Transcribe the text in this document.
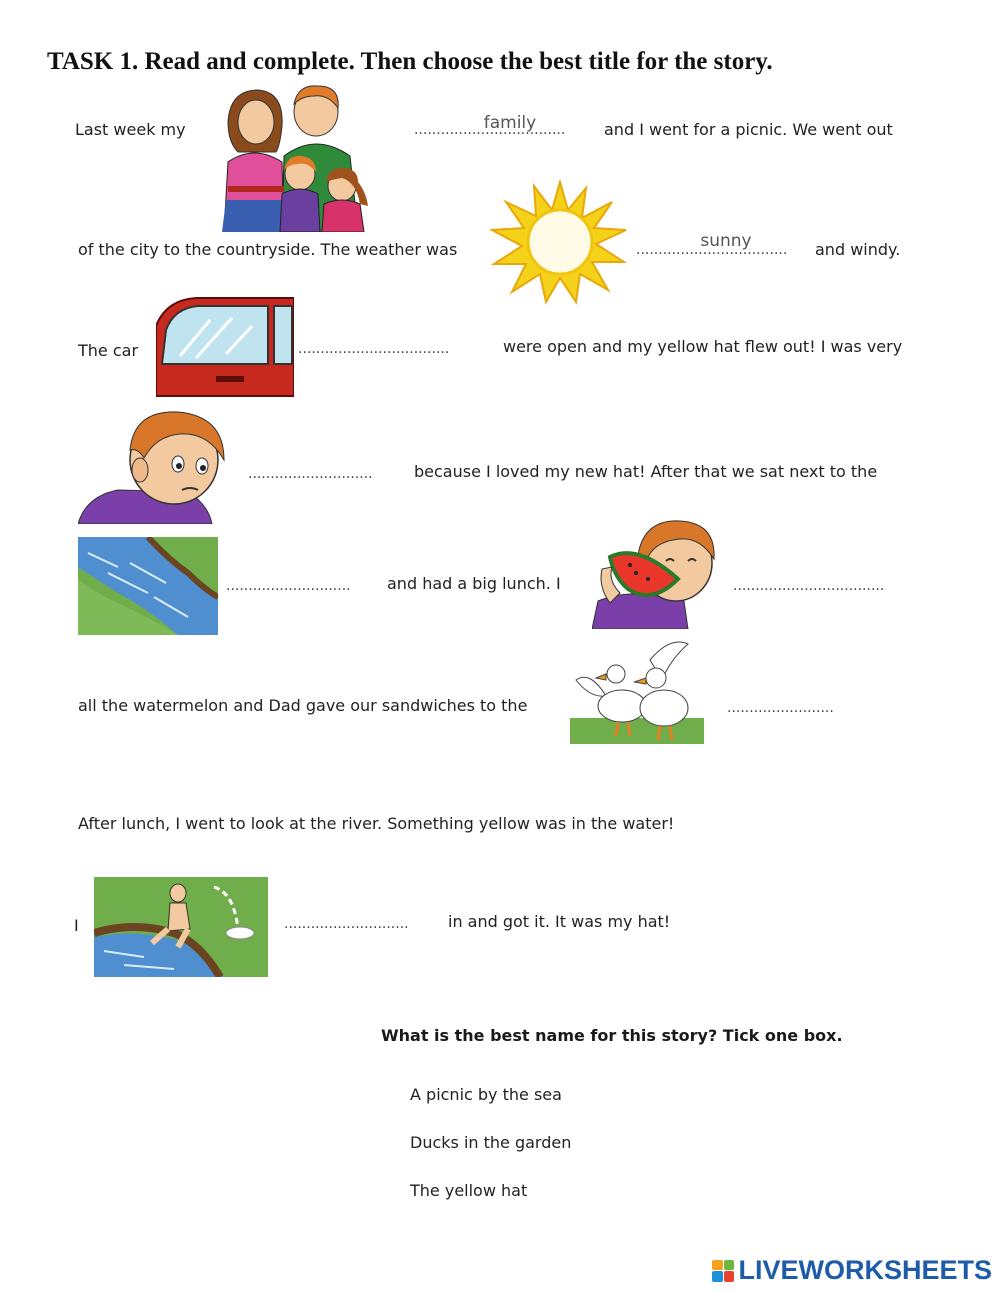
TASK 1. Read and complete. Then choose the best title for the story.
Last week my	..................................
family and I went for a picnic. We went out
of the city to the countryside. The weather was	..................................
sunny and windy.
The car	..................................	were open and my yellow hat flew out! I was very
............................	because I loved my new hat! After that we sat next to the
............................ and had a big lunch. I	..................................
all the watermelon and Dad gave our sandwiches to the	........................
After lunch, I went to look at the river. Something yellow was in the water!
I	............................ in and got it. It was my hat!
What is the best name for this story? Tick one box.
A picnic by the sea
Ducks in the garden
The yellow hat
LIVEWORKSHEETS
